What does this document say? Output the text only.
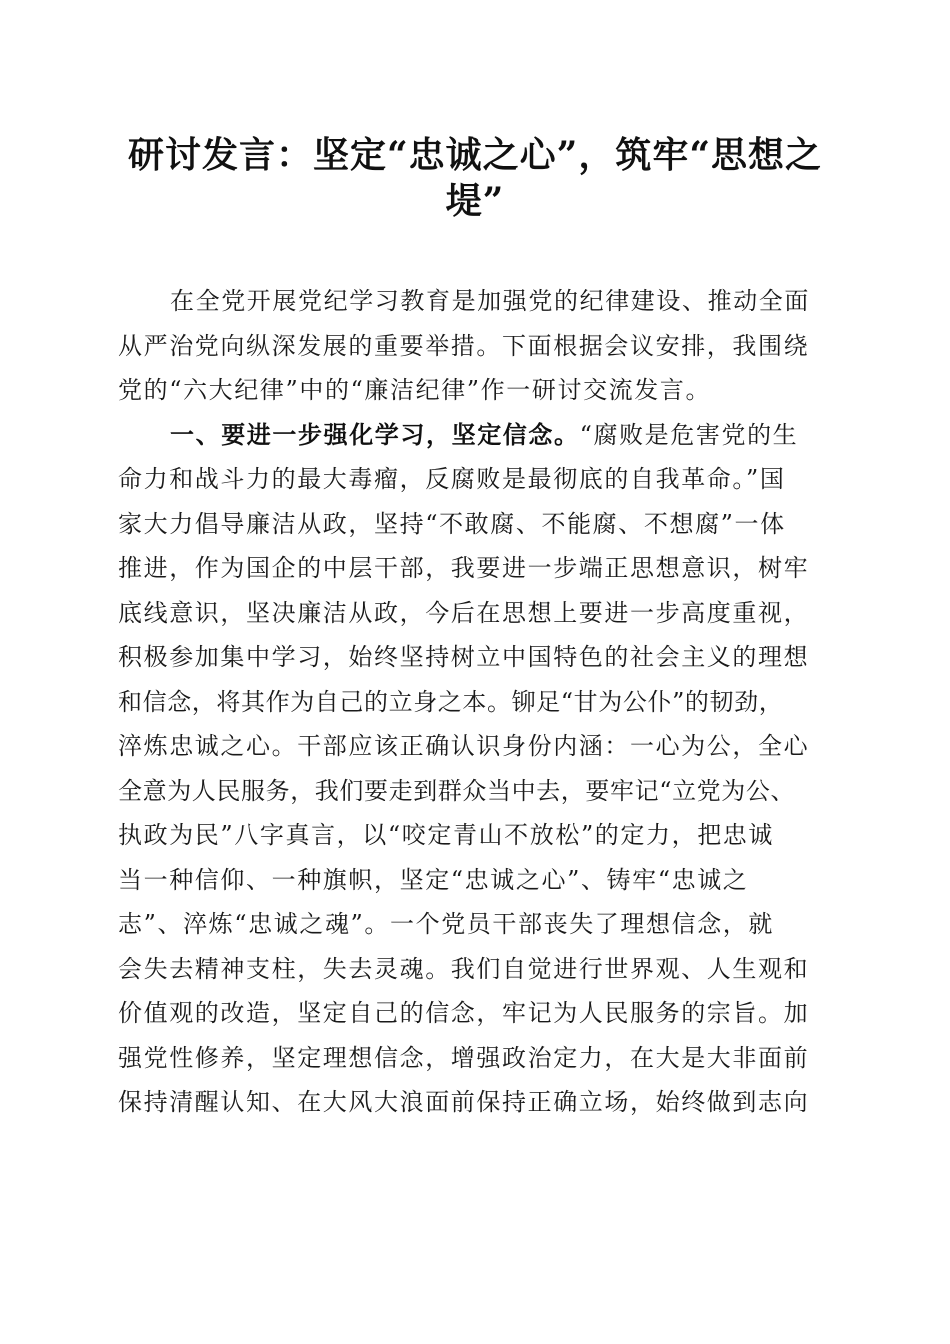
研讨发言：坚定“忠诚之心”，筑牢“思想之堤”
在全党开展党纪学习教育是加强党的纪律建设、推动全面
从严治党向纵深发展的重要举措。下面根据会议安排，我围绕
党的“六大纪律”中的“廉洁纪律”作一研讨交流发言。
一、要进一步强化学习，坚定信念。“腐败是危害党的生
命力和战斗力的最大毒瘤，反腐败是最彻底的自我革命。”国
家大力倡导廉洁从政，坚持“不敢腐、不能腐、不想腐”一体
推进，作为国企的中层干部，我要进一步端正思想意识，树牢
底线意识，坚决廉洁从政，今后在思想上要进一步高度重视，
积极参加集中学习，始终坚持树立中国特色的社会主义的理想
和信念，将其作为自己的立身之本。铆足“甘为公仆”的韧劲，
淬炼忠诚之心。干部应该正确认识身份内涵：一心为公，全心
全意为人民服务，我们要走到群众当中去，要牢记“立党为公、
执政为民”八字真言，以“咬定青山不放松”的定力，把忠诚
当一种信仰、一种旗帜，坚定“忠诚之心”、铸牢“忠诚之
志”、淬炼“忠诚之魂”。一个党员干部丧失了理想信念，就
会失去精神支柱，失去灵魂。我们自觉进行世界观、人生观和
价值观的改造，坚定自己的信念，牢记为人民服务的宗旨。加
强党性修养，坚定理想信念，增强政治定力，在大是大非面前
保持清醒认知、在大风大浪面前保持正确立场，始终做到志向
